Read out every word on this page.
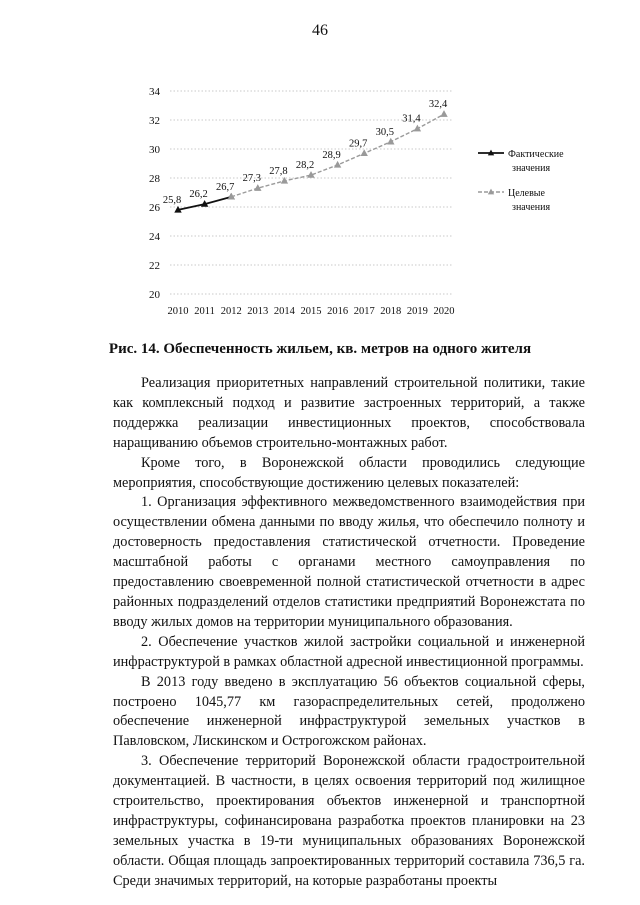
46
20
22
24
26
28
30
32
34
2010 2011 2012 2013 2014 2015 2016 2017 2018 2019 2020
25,8
26,2
26,7
27,3
27,8
28,2
28,9
29,7
30,5
31,4
32,4
Фактические
значения
Целевые
значения
Рис. 14. Обеспеченность жильем, кв. метров на одного жителя

Реализация приоритетных направлений строительной политики, такие как комплексный подход и развитие застроенных территорий, а также поддержка реализации инвестиционных проектов, способствовала наращиванию объемов строительно-монтажных работ.

Кроме того, в Воронежской области проводились следующие мероприятия, способствующие достижению целевых показателей:

1. Организация эффективного межведомственного взаимодействия при осуществлении обмена данными по вводу жилья, что обеспечило полноту и достоверность предоставления статистической отчетности. Проведение масштабной работы с органами местного самоуправления по предоставлению своевременной полной статистической отчетности в адрес районных подразделений отделов статистики предприятий Воронежстата по вводу жилых домов на территории муниципального образования.

2. Обеспечение участков жилой застройки социальной и инженерной инфраструктурой в рамках областной адресной инвестиционной программы.

В 2013 году введено в эксплуатацию 56 объектов социальной сферы, построено 1045,77 км газораспределительных сетей, продолжено обеспечение инженерной инфраструктурой земельных участков в Павловском, Лискинском и Острогожском районах.

3. Обеспечение территорий Воронежской области градостроительной документацией. В частности, в целях освоения территорий под жилищное строительство, проектирования объектов инженерной и транспортной инфраструктуры, софинансирована разработка проектов планировки на 23 земельных участка в 19-ти муниципальных образованиях Воронежской области. Общая площадь запроектированных территорий составила 736,5 га. Среди значимых территорий, на которые разработаны проекты
